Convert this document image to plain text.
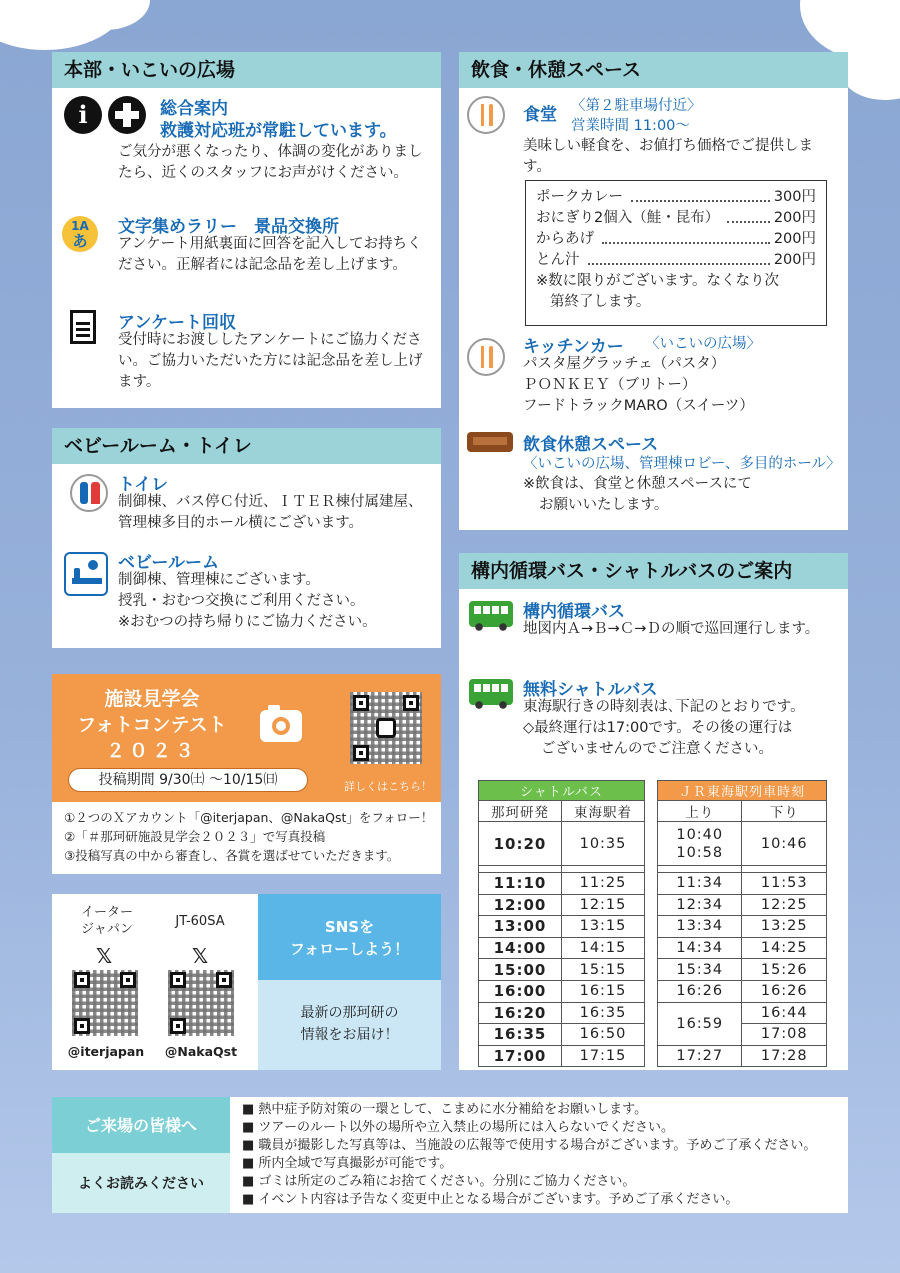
本部・いこいの広場
i	総合案内
救護対応班が常駐しています。
ご気分が悪くなったり、体調の変化がありましたら、近くのスタッフにお声がけください。
1A
あ
文字集めラリー　景品交換所
アンケート用紙裏面に回答を記入してお持ちください。正解者には記念品を差し上げます。
アンケート回収
受付時にお渡ししたアンケートにご協力ください。ご協力いただいた方には記念品を差し上げます。
ベビールーム・トイレ
トイレ
制御棟、バス停Ｃ付近、ＩＴＥＲ棟付属建屋、管理棟多目的ホール横にございます。
ベビールーム
制御棟、管理棟にございます。
授乳・おむつ交換にご利用ください。
※おむつの持ち帰りにご協力ください。
施設見学会
フォトコンテスト
２０２３
詳しくはこちら！
投稿期間 9/30㈯ 〜10/15㈰
①２つのＸアカウント「@iterjapan、@NakaQst」をフォロー！
②「＃那珂研施設見学会２０２３」で写真投稿
③投稿写真の中から審査し、各賞を選ばせていただきます。
イーター
ジャパン
𝕏
@iterjapan
JT-60SA
𝕏
@NakaQst
SNSを
フォローしよう！
最新の那珂研の
情報をお届け！
飲食・休憩スペース
食堂 〈第２駐車場付近〉
営業時間 11:00〜
美味しい軽食を、お値打ち価格でご提供します。
ポークカレー	300円
おにぎり2個入（鮭・昆布）	200円
からあげ	200円
とん汁	200円
※数に限りがございます。なくなり次
第終了します。
キッチンカー 〈いこいの広場〉
パスタ屋グラッチェ（パスタ）
ＰＯＮＫＥＹ（ブリトー）
フードトラックMARO（スイーツ）
飲食休憩スペース
〈いこいの広場、管理棟ロビー、多目的ホール〉
※飲食は、食堂と休憩スペースにて
お願いいたします。
構内循環バス・シャトルバスのご案内
構内循環バス
地図内Ａ→Ｂ→Ｃ→Ｄの順で巡回運行します。
無料シャトルバス
東海駅行きの時刻表は､下記のとおりです。
◇最終運行は17:00です。その後の運行は
ございませんのでご注意ください。
シャトルバス	
那珂研発	東海駅着
10:20	10:35

11:10	11:25
12:00	12:15
13:00	13:15
14:00	14:15
15:00	15:15
16:00	16:15
16:20	16:35
16:35	16:50
17:00	17:15
ＪＲ東海駅列車時刻	
上り	下り

10:40
10:58	10:46

11:34	11:53
12:34	12:25
13:34	13:25
14:34	14:25
15:34	15:26
16:26	16:26
16:59	16:44
	17:08
17:27	17:28
ご来場の皆様へ
よくお読みください
■ 熱中症予防対策の一環として、こまめに水分補給をお願いします。
■ ツアーのルート以外の場所や立入禁止の場所には入らないでください。
■ 職員が撮影した写真等は、当施設の広報等で使用する場合がございます。予めご了承ください。
■ 所内全域で写真撮影が可能です。
■ ゴミは所定のごみ箱にお捨てください。分別にご協力ください。
■ イベント内容は予告なく変更中止となる場合がございます。予めご了承ください。
